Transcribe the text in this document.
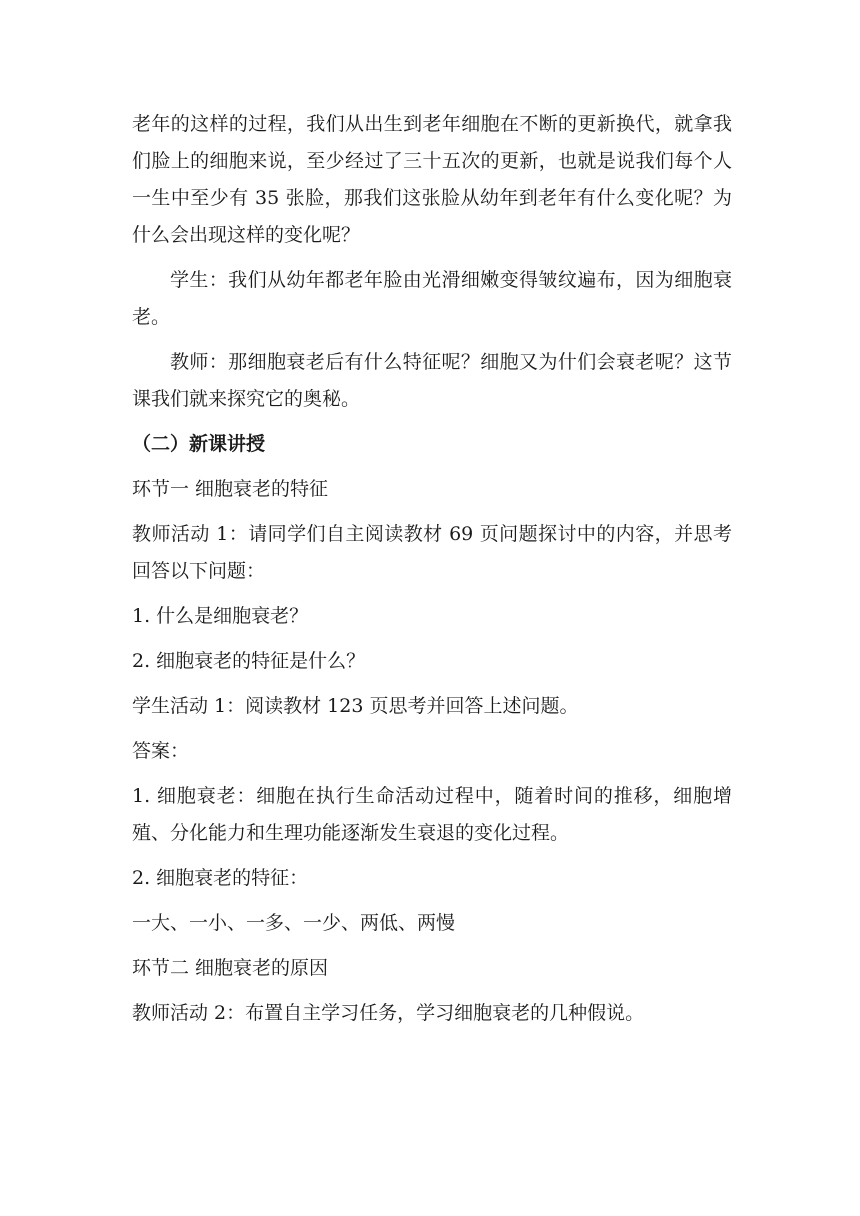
老年的这样的过程，我们从出生到老年细胞在不断的更新换代，就拿我们脸上的细胞来说，至少经过了三十五次的更新，也就是说我们每个人一生中至少有 35 张脸，那我们这张脸从幼年到老年有什么变化呢？为什么会出现这样的变化呢？

学生：我们从幼年都老年脸由光滑细嫩变得皱纹遍布，因为细胞衰老。

教师：那细胞衰老后有什么特征呢？细胞又为什们会衰老呢？这节课我们就来探究它的奥秘。

（二）新课讲授

环节一 细胞衰老的特征

教师活动 1：请同学们自主阅读教材 69 页问题探讨中的内容，并思考回答以下问题：

1. 什么是细胞衰老？

2. 细胞衰老的特征是什么？

学生活动 1：阅读教材 123 页思考并回答上述问题。

答案：

1. 细胞衰老：细胞在执行生命活动过程中，随着时间的推移，细胞增殖、分化能力和生理功能逐渐发生衰退的变化过程。

2. 细胞衰老的特征：

一大、一小、一多、一少、两低、两慢

环节二 细胞衰老的原因

教师活动 2：布置自主学习任务，学习细胞衰老的几种假说。
